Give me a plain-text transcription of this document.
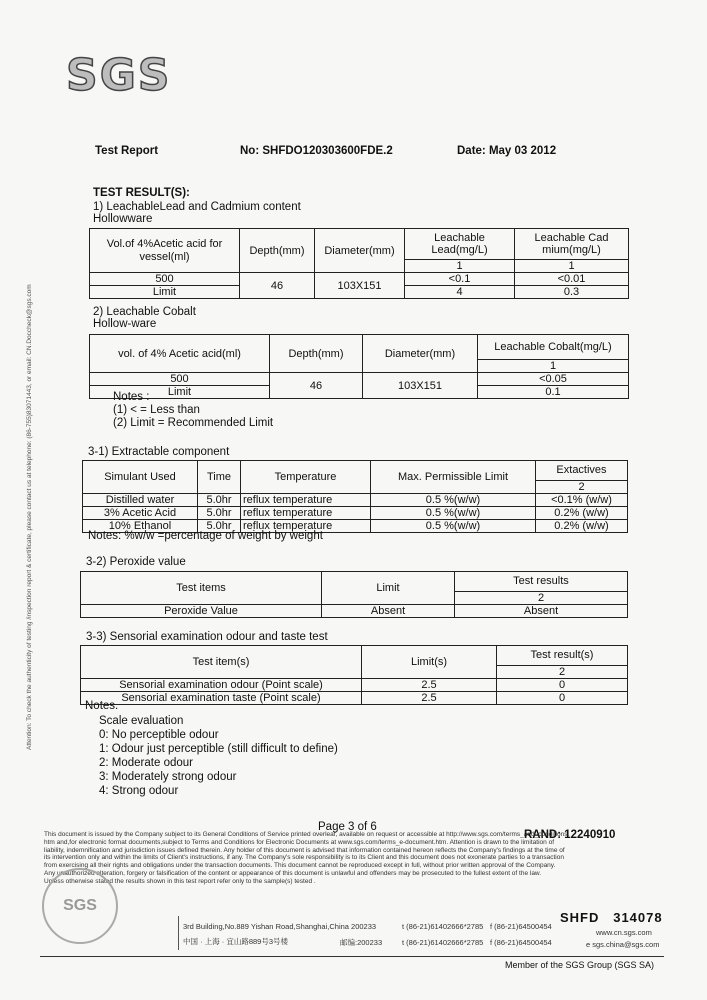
SGS
Attention: To check the authenticity of testing /inspection report & certificate, please contact us at telephone: (86-755)83071443, or email: CN.Doccheck@sgs.com
Test Report	No: SHFDO120303600FDE.2	Date: May 03 2012
TEST RESULT(S):
1) LeachableLead and Cadmium content
Hollowware
Vol.of 4%Acetic acid for vessel(ml)	Depth(mm)	Diameter(mm)	Leachable Lead(mg/L)	Leachable Cad mium(mg/L)
			1	1
500	46	103X151	<0.1	<0.01
Limit			4	0.3
2) Leachable Cobalt
Hollow-ware
vol. of 4% Acetic acid(ml)	Depth(mm)	Diameter(mm)	Leachable Cobalt(mg/L)
			1
500	46	103X151	<0.05
Limit			0.1
Notes :
(1) < = Less than
(2) Limit = Recommended Limit
3-1) Extractable component
Simulant Used	Time	Temperature	Max. Permissible Limit	Extactives
				2
Distilled water	5.0hr	reflux temperature	0.5 %(w/w)	<0.1% (w/w)
3% Acetic Acid	5.0hr	reflux temperature	0.5 %(w/w)	0.2% (w/w)
10% Ethanol	5.0hr	reflux temperature	0.5 %(w/w)	0.2% (w/w)
Notes: %w/w =percentage of weight by weight
3-2) Peroxide value
Test items	Limit	Test results
		2
Peroxide Value	Absent	Absent
3-3) Sensorial examination odour and taste test
Test item(s)	Limit(s)	Test result(s)
		2
Sensorial examination odour (Point scale)	2.5	0
Sensorial examination taste (Point scale)	2.5	0
Notes.
Scale evaluation
0: No perceptible odour
1: Odour just perceptible (still difficult to define)
2: Moderate odour
3: Moderately strong odour
4: Strong odour
Page 3 of 6
RAND: 12240910
This document is issued by the Company subject to its General Conditions of Service printed overleaf, available on request or accessible at http://www.sgs.com/terms_and_conditions.
htm and,for electronic format documents,subject to Terms and Conditions for Electronic Documents at www.sgs.com/terms_e-document.htm. Attention is drawn to the limitation of
liability, indemnification and jurisdiction issues defined therein. Any holder of this document is advised that information contained hereon reflects the Company's findings at the time of
its intervention only and within the limits of Client's instructions, if any. The Company's sole responsibility is to its Client and this document does not exonerate parties to a transaction
from exercising all their rights and obligations under the transaction documents. This document cannot be reproduced except in full, without prior written approval of the Company.
Any unauthorized alteration, forgery or falsification of the content or appearance of this document is unlawful and offenders may be prosecuted to the fullest extent of the law.
Unless otherwise stated the results shown in this test report refer only to the sample(s) tested .
SGS
3rd Building,No.889 Yishan Road,Shanghai,China 200233
中国 · 上海 · 宜山路889号3号楼	邮编:200233
t (86-21)61402666*2785
t (86-21)61402666*2785
f (86-21)64500454
f (86-21)64500454
SHFD   314078
www.cn.sgs.com
e sgs.china@sgs.com
Member of the SGS Group (SGS SA)
